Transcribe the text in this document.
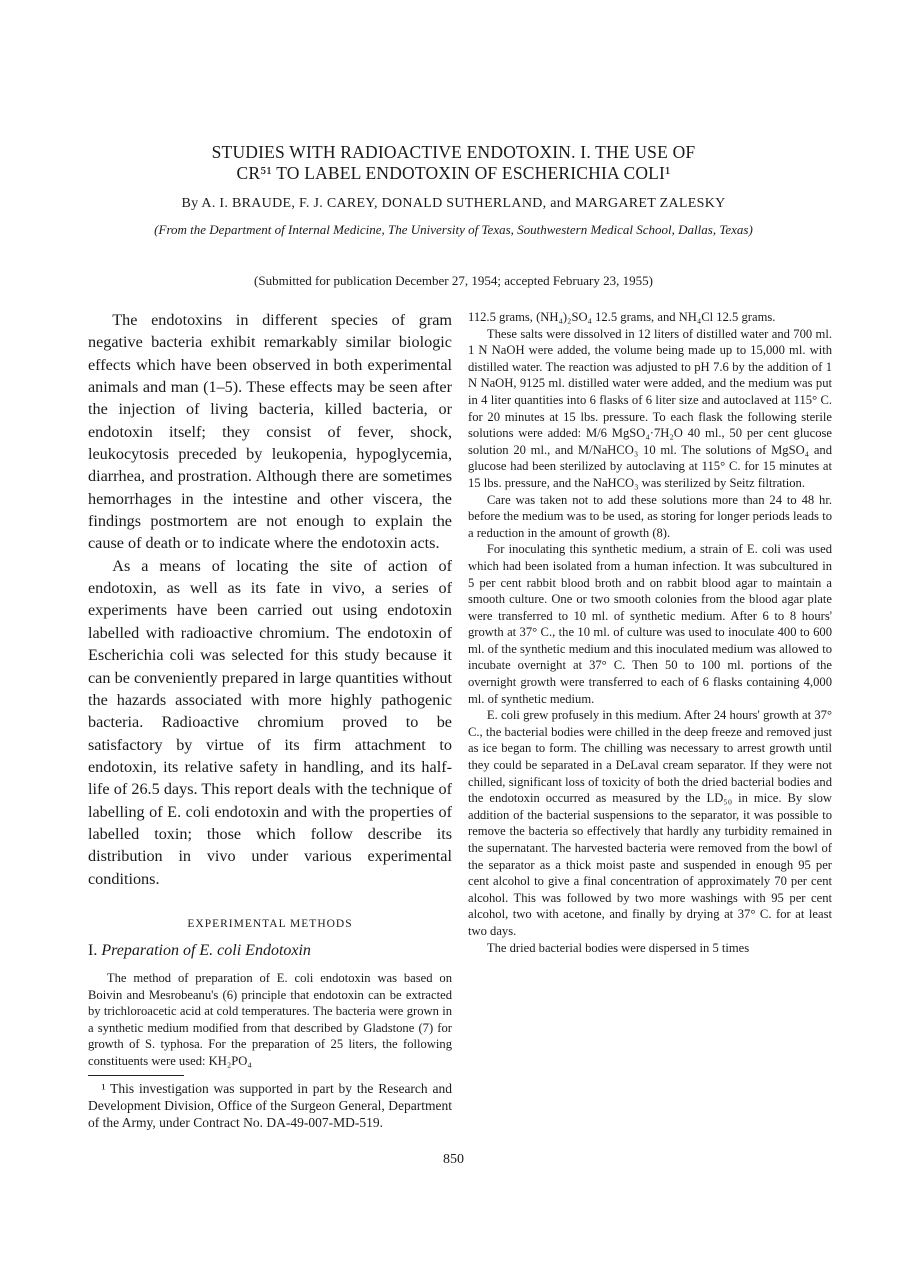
STUDIES WITH RADIOACTIVE ENDOTOXIN. I. THE USE OF
CR⁵¹ TO LABEL ENDOTOXIN OF ESCHERICHIA COLI¹
By A. I. BRAUDE, F. J. CAREY, DONALD SUTHERLAND, and MARGARET ZALESKY
(From the Department of Internal Medicine, The University of Texas, Southwestern Medical School, Dallas, Texas)
(Submitted for publication December 27, 1954; accepted February 23, 1955)

The endotoxins in different species of gram negative bacteria exhibit remarkably similar biologic effects which have been observed in both experimental animals and man (1–5). These effects may be seen after the injection of living bacteria, killed bacteria, or endotoxin itself; they consist of fever, shock, leukocytosis preceded by leukopenia, hypoglycemia, diarrhea, and prostration. Although there are sometimes hemorrhages in the intestine and other viscera, the findings postmortem are not enough to explain the cause of death or to indicate where the endotoxin acts.

As a means of locating the site of action of endotoxin, as well as its fate in vivo, a series of experiments have been carried out using endotoxin labelled with radioactive chromium. The endotoxin of Escherichia coli was selected for this study because it can be conveniently prepared in large quantities without the hazards associated with more highly pathogenic bacteria. Radioactive chromium proved to be satisfactory by virtue of its firm attachment to endotoxin, its relative safety in handling, and its half-life of 26.5 days. This report deals with the technique of labelling of E. coli endotoxin and with the properties of labelled toxin; those which follow describe its distribution in vivo under various experimental conditions.

EXPERIMENTAL METHODS
I. Preparation of E. coli Endotoxin

The method of preparation of E. coli endotoxin was based on Boivin and Mesrobeanu's (6) principle that endotoxin can be extracted by trichloroacetic acid at cold temperatures. The bacteria were grown in a synthetic medium modified from that described by Gladstone (7) for growth of S. typhosa. For the preparation of 25 liters, the following constituents were used: KH₂PO₄

¹ This investigation was supported in part by the Research and Development Division, Office of the Surgeon General, Department of the Army, under Contract No. DA-49-007-MD-519.

112.5 grams, (NH₄)₂SO₄ 12.5 grams, and NH₄Cl 12.5 grams.

These salts were dissolved in 12 liters of distilled water and 700 ml. 1 N NaOH were added, the volume being made up to 15,000 ml. with distilled water. The reaction was adjusted to pH 7.6 by the addition of 1 N NaOH, 9125 ml. distilled water were added, and the medium was put in 4 liter quantities into 6 flasks of 6 liter size and autoclaved at 115° C. for 20 minutes at 15 lbs. pressure. To each flask the following sterile solutions were added: M/6 MgSO₄·7H₂O 40 ml., 50 per cent glucose solution 20 ml., and M/NaHCO₃ 10 ml. The solutions of MgSO₄ and glucose had been sterilized by autoclaving at 115° C. for 15 minutes at 15 lbs. pressure, and the NaHCO₃ was sterilized by Seitz filtration.

Care was taken not to add these solutions more than 24 to 48 hr. before the medium was to be used, as storing for longer periods leads to a reduction in the amount of growth (8).

For inoculating this synthetic medium, a strain of E. coli was used which had been isolated from a human infection. It was subcultured in 5 per cent rabbit blood broth and on rabbit blood agar to maintain a smooth culture. One or two smooth colonies from the blood agar plate were transferred to 10 ml. of synthetic medium. After 6 to 8 hours' growth at 37° C., the 10 ml. of culture was used to inoculate 400 to 600 ml. of the synthetic medium and this inoculated medium was allowed to incubate overnight at 37° C. Then 50 to 100 ml. portions of the overnight growth were transferred to each of 6 flasks containing 4,000 ml. of synthetic medium.

E. coli grew profusely in this medium. After 24 hours' growth at 37° C., the bacterial bodies were chilled in the deep freeze and removed just as ice began to form. The chilling was necessary to arrest growth until they could be separated in a DeLaval cream separator. If they were not chilled, significant loss of toxicity of both the dried bacterial bodies and the endotoxin occurred as measured by the LD₅₀ in mice. By slow addition of the bacterial suspensions to the separator, it was possible to remove the bacteria so effectively that hardly any turbidity remained in the supernatant. The harvested bacteria were removed from the bowl of the separator as a thick moist paste and suspended in enough 95 per cent alcohol to give a final concentration of approximately 70 per cent alcohol. This was followed by two more washings with 95 per cent alcohol, two with acetone, and finally by drying at 37° C. for at least two days.

The dried bacterial bodies were dispersed in 5 times

850
